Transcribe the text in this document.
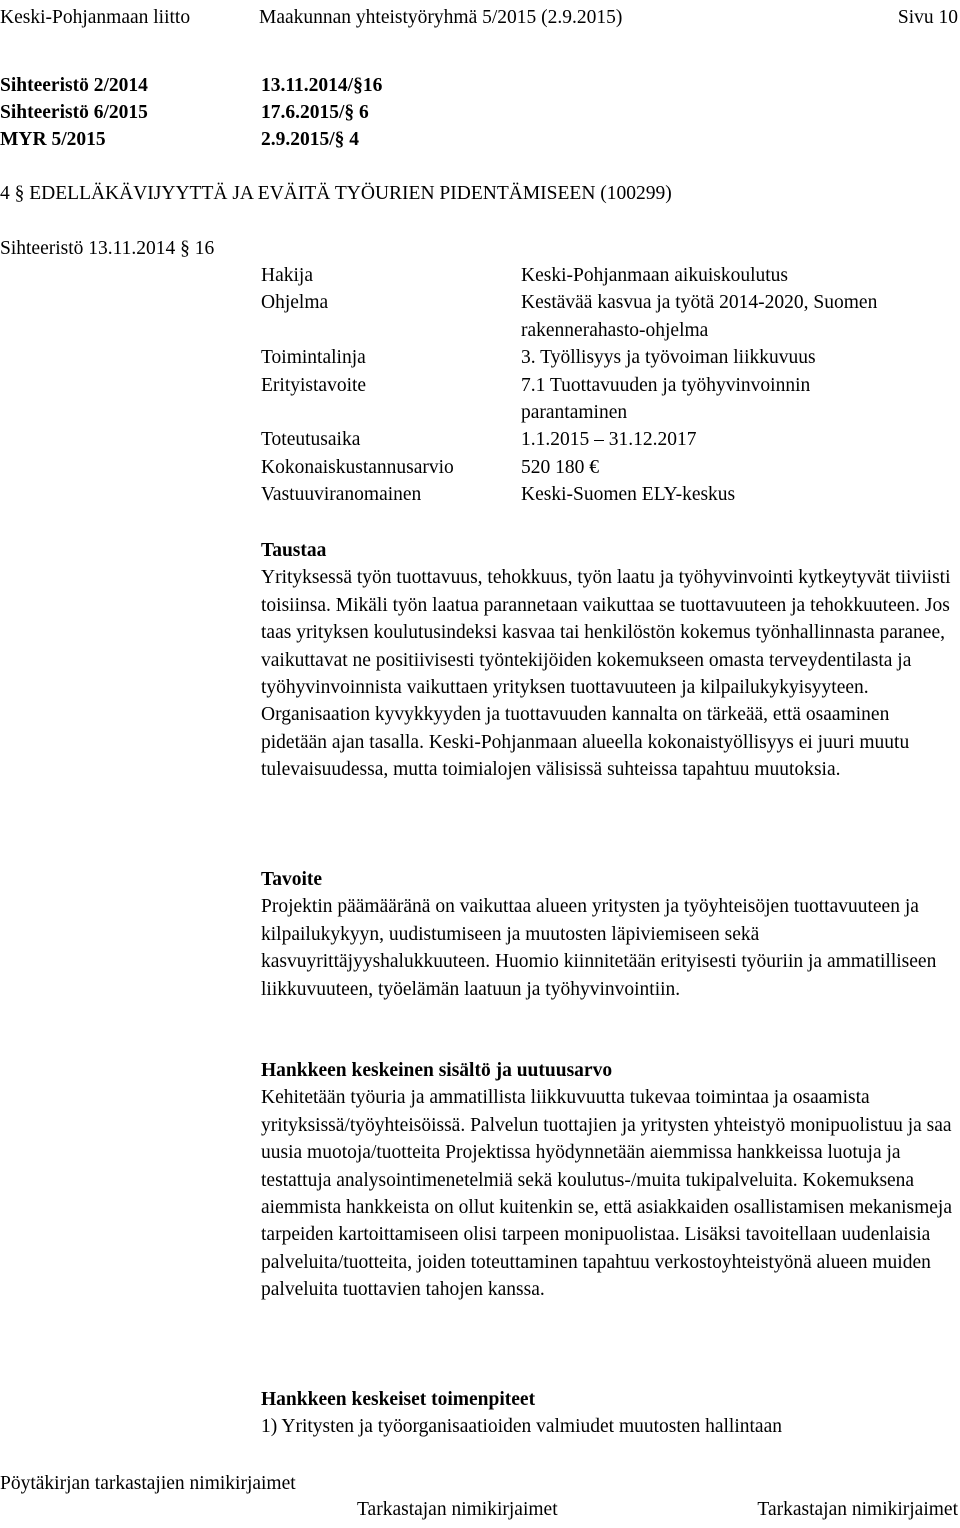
Keski-Pohjanmaan liitto	Maakunnan yhteistyöryhmä 5/2015 (2.9.2015)	Sivu 10
Sihteeristö 2/2014	13.11.2014/§16
Sihteeristö 6/2015	17.6.2015/§ 6
MYR 5/2015	2.9.2015/§ 4
4 § EDELLÄKÄVIJYYTTÄ JA EVÄITÄ TYÖURIEN PIDENTÄMISEEN (100299)
Sihteeristö 13.11.2014 § 16
Hakija	Keski-Pohjanmaan aikuiskoulutus
Ohjelma	Kestävää kasvua ja työtä 2014-2020, Suomen rakennerahasto-ohjelma
Toimintalinja	3. Työllisyys ja työvoiman liikkuvuus
Erityistavoite	7.1 Tuottavuuden ja työhyvinvoinnin parantaminen
Toteutusaika	1.1.2015 – 31.12.2017
Kokonaiskustannusarvio	520 180 €
Vastuuviranomainen	Keski-Suomen ELY-keskus

Taustaa

Yrityksessä työn tuottavuus, tehokkuus, työn laatu ja työhyvinvointi kytkeytyvät tiiviisti toisiinsa. Mikäli työn laatua parannetaan vaikuttaa se tuottavuuteen ja tehokkuuteen. Jos taas yrityksen koulutusindeksi kasvaa tai henkilöstön kokemus työnhallinnasta paranee, vaikuttavat ne positiivisesti työntekijöiden kokemukseen omasta terveydentilasta ja työhyvinvoinnista vaikuttaen yrityksen tuottavuuteen ja kilpailukykyisyyteen. Organisaation kyvykkyyden ja tuottavuuden kannalta on tärkeää, että osaaminen pidetään ajan tasalla. Keski-Pohjanmaan alueella kokonaistyöllisyys ei juuri muutu tulevaisuudessa, mutta toimialojen välisissä suhteissa tapahtuu muutoksia.

Tavoite

Projektin päämääränä on vaikuttaa alueen yritysten ja työyhteisöjen tuottavuuteen ja kilpailukykyyn, uudistumiseen ja muutosten läpiviemiseen sekä kasvuyrittäjyyshalukkuuteen. Huomio kiinnitetään erityisesti työuriin ja ammatilliseen liikkuvuuteen, työelämän laatuun ja työhyvinvointiin.

Hankkeen keskeinen sisältö ja uutuusarvo

Kehitetään työuria ja ammatillista liikkuvuutta tukevaa toimintaa ja osaamista yrityksissä/työyhteisöissä. Palvelun tuottajien ja yritysten yhteistyö monipuolistuu ja saa uusia muotoja/tuotteita Projektissa hyödynnetään aiemmissa hankkeissa luotuja ja testattuja analysointimenetelmiä sekä koulutus-/muita tukipalveluita. Kokemuksena aiemmista hankkeista on ollut kuitenkin se, että asiakkaiden osallistamisen mekanismeja tarpeiden kartoittamiseen olisi tarpeen monipuolistaa. Lisäksi tavoitellaan uudenlaisia palveluita/tuotteita, joiden toteuttaminen tapahtuu verkostoyhteistyönä alueen muiden palveluita tuottavien tahojen kanssa.

Hankkeen keskeiset toimenpiteet

1) Yritysten ja työorganisaatioiden valmiudet muutosten hallintaan

Pöytäkirjan tarkastajien nimikirjaimet
Tarkastajan nimikirjaimet	Tarkastajan nimikirjaimet
